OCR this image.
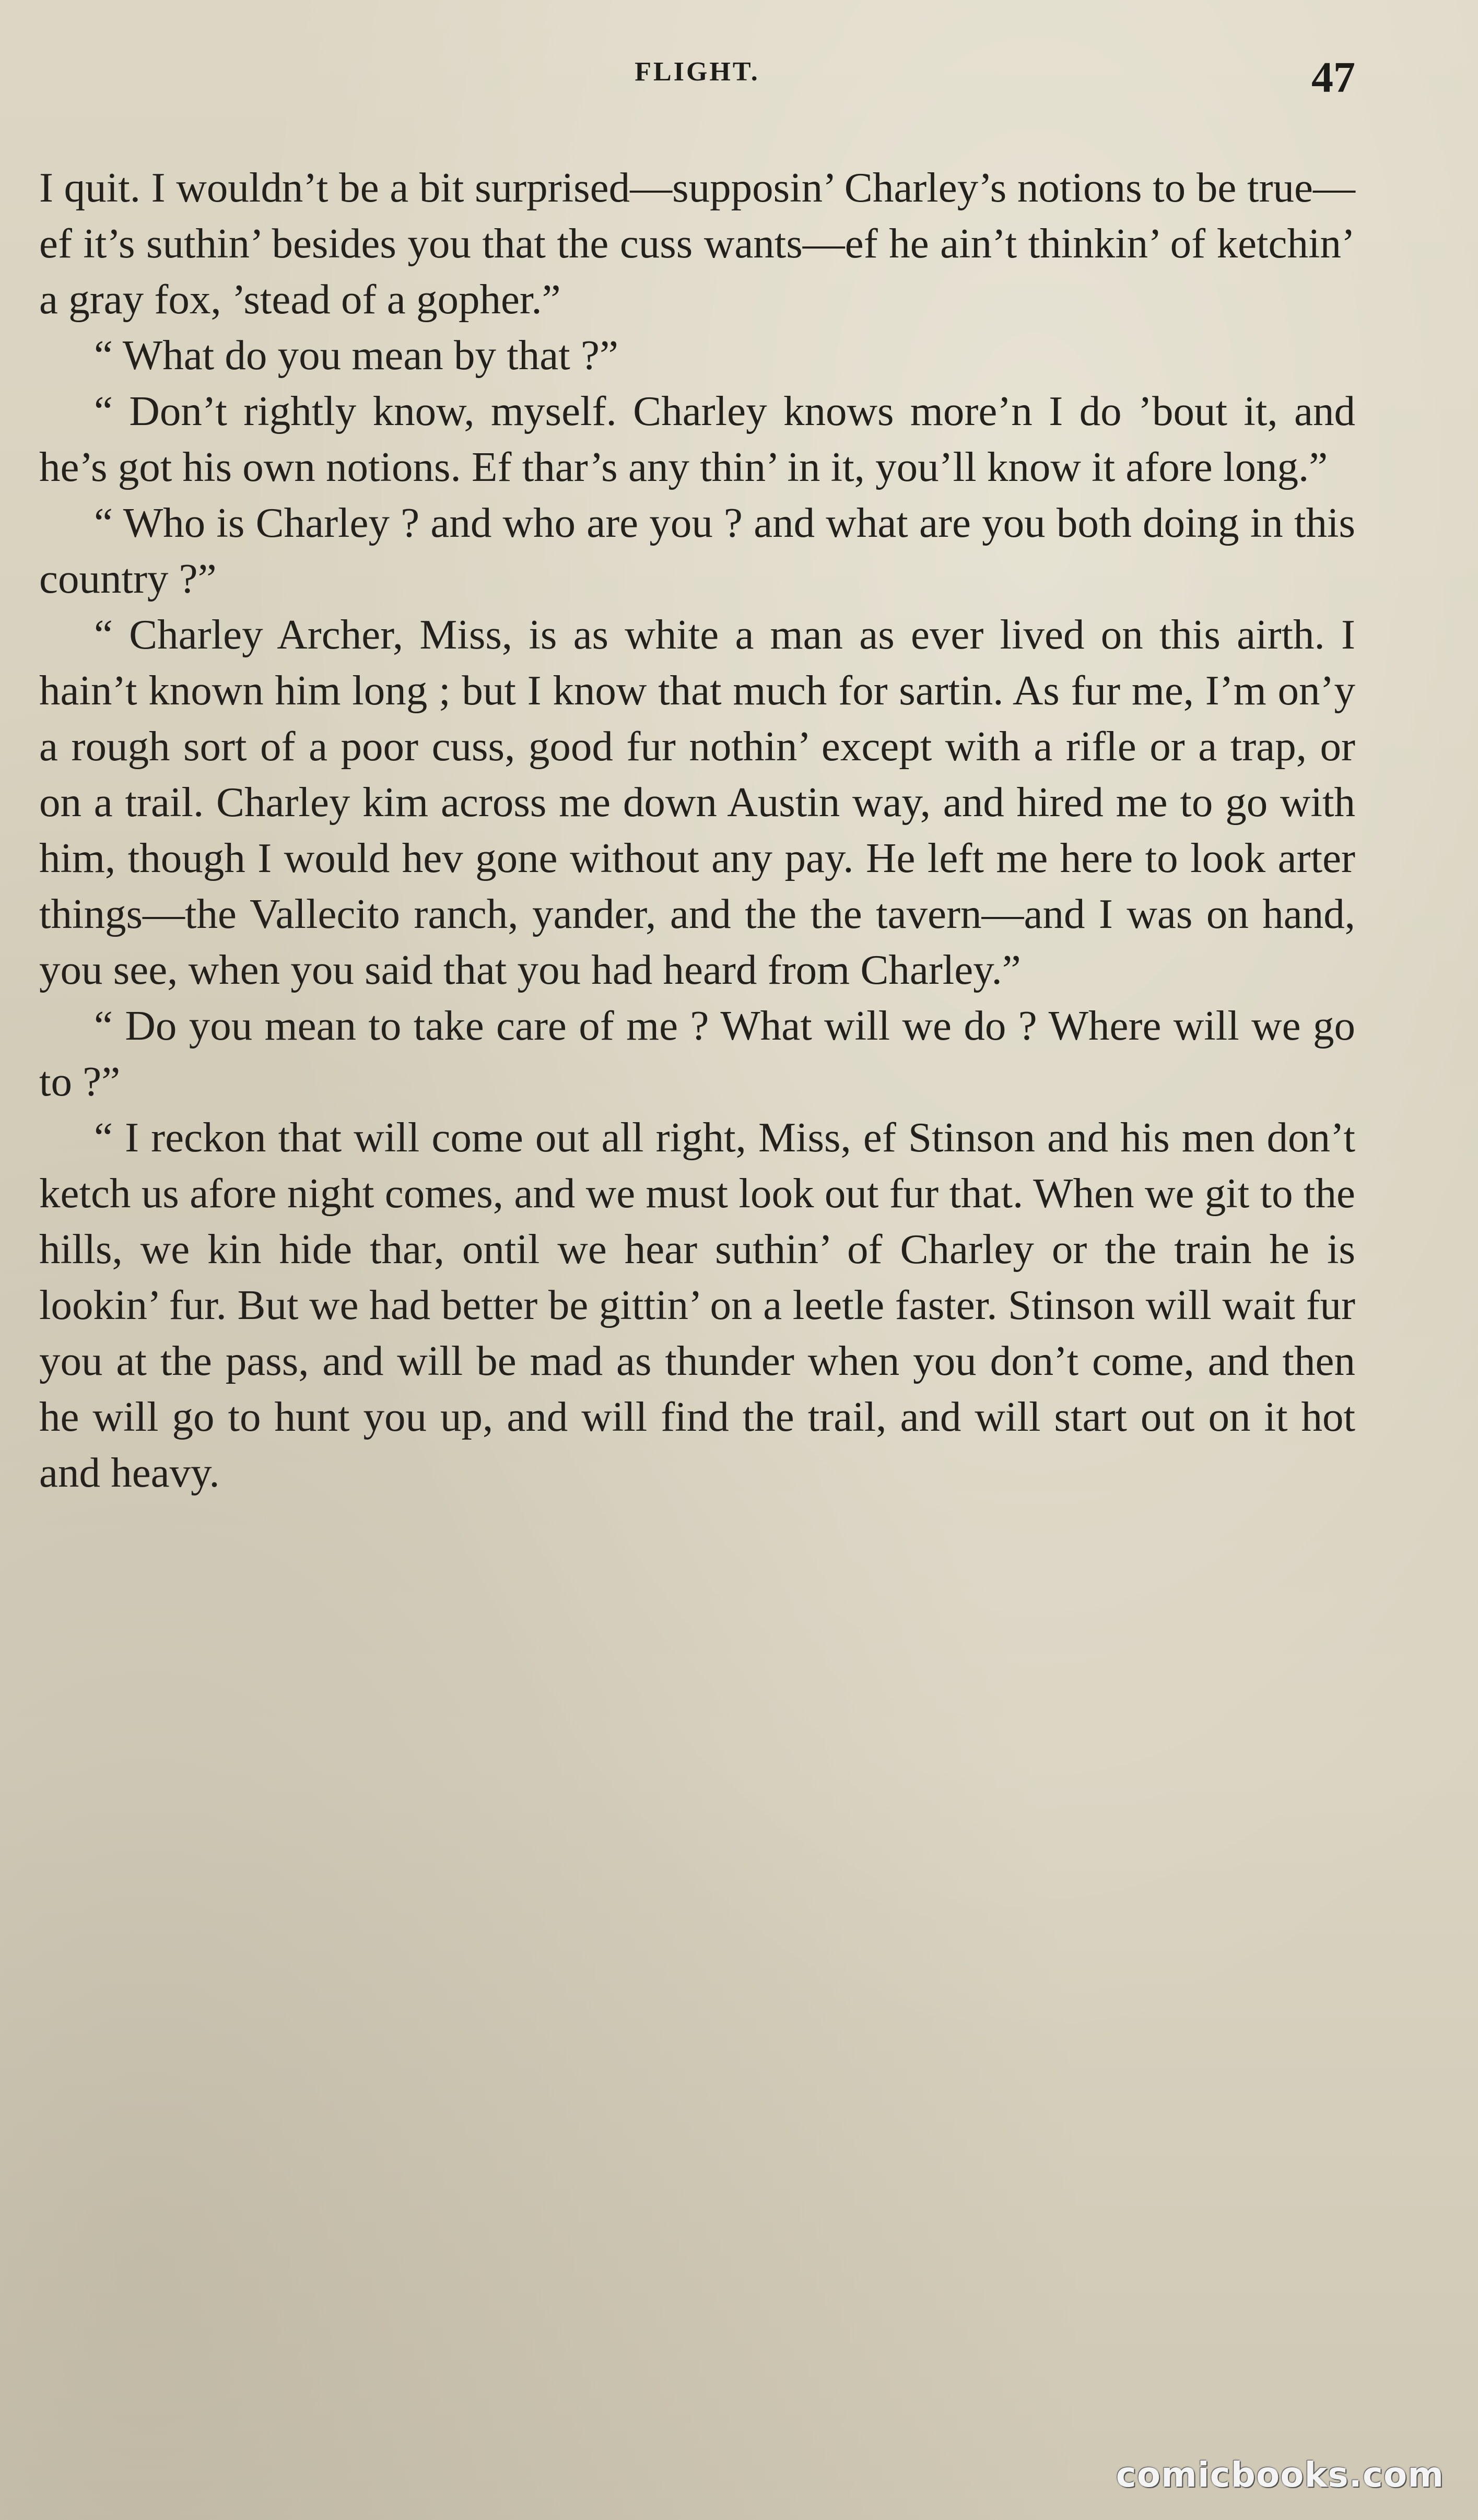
FLIGHT.	47

I quit. I wouldn’t be a bit surprised—supposin’ Charley’s notions to be true—ef it’s suthin’ besides you that the cuss wants—ef he ain’t thinkin’ of ketchin’ a gray fox, ’stead of a gopher.”

“ What do you mean by that ?”

“ Don’t rightly know, myself. Charley knows more’n I do ’bout it, and he’s got his own notions. Ef thar’s any thin’ in it, you’ll know it afore long.”

“ Who is Charley ? and who are you ? and what are you both doing in this country ?”

“ Charley Archer, Miss, is as white a man as ever lived on this airth. I hain’t known him long ; but I know that much for sartin. As fur me, I’m on’y a rough sort of a poor cuss, good fur nothin’ except with a rifle or a trap, or on a trail. Charley kim across me down Austin way, and hired me to go with him, though I would hev gone without any pay. He left me here to look arter things—the Vallecito ranch, yander, and the the tavern—and I was on hand, you see, when you said that you had heard from Charley.”

“ Do you mean to take care of me ? What will we do ? Where will we go to ?”

“ I reckon that will come out all right, Miss, ef Stinson and his men don’t ketch us afore night comes, and we must look out fur that. When we git to the hills, we kin hide thar, ontil we hear suthin’ of Charley or the train he is lookin’ fur. But we had better be gittin’ on a leetle faster. Stinson will wait fur you at the pass, and will be mad as thunder when you don’t come, and then he will go to hunt you up, and will find the trail, and will start out on it hot and heavy.

comicbooks.com
